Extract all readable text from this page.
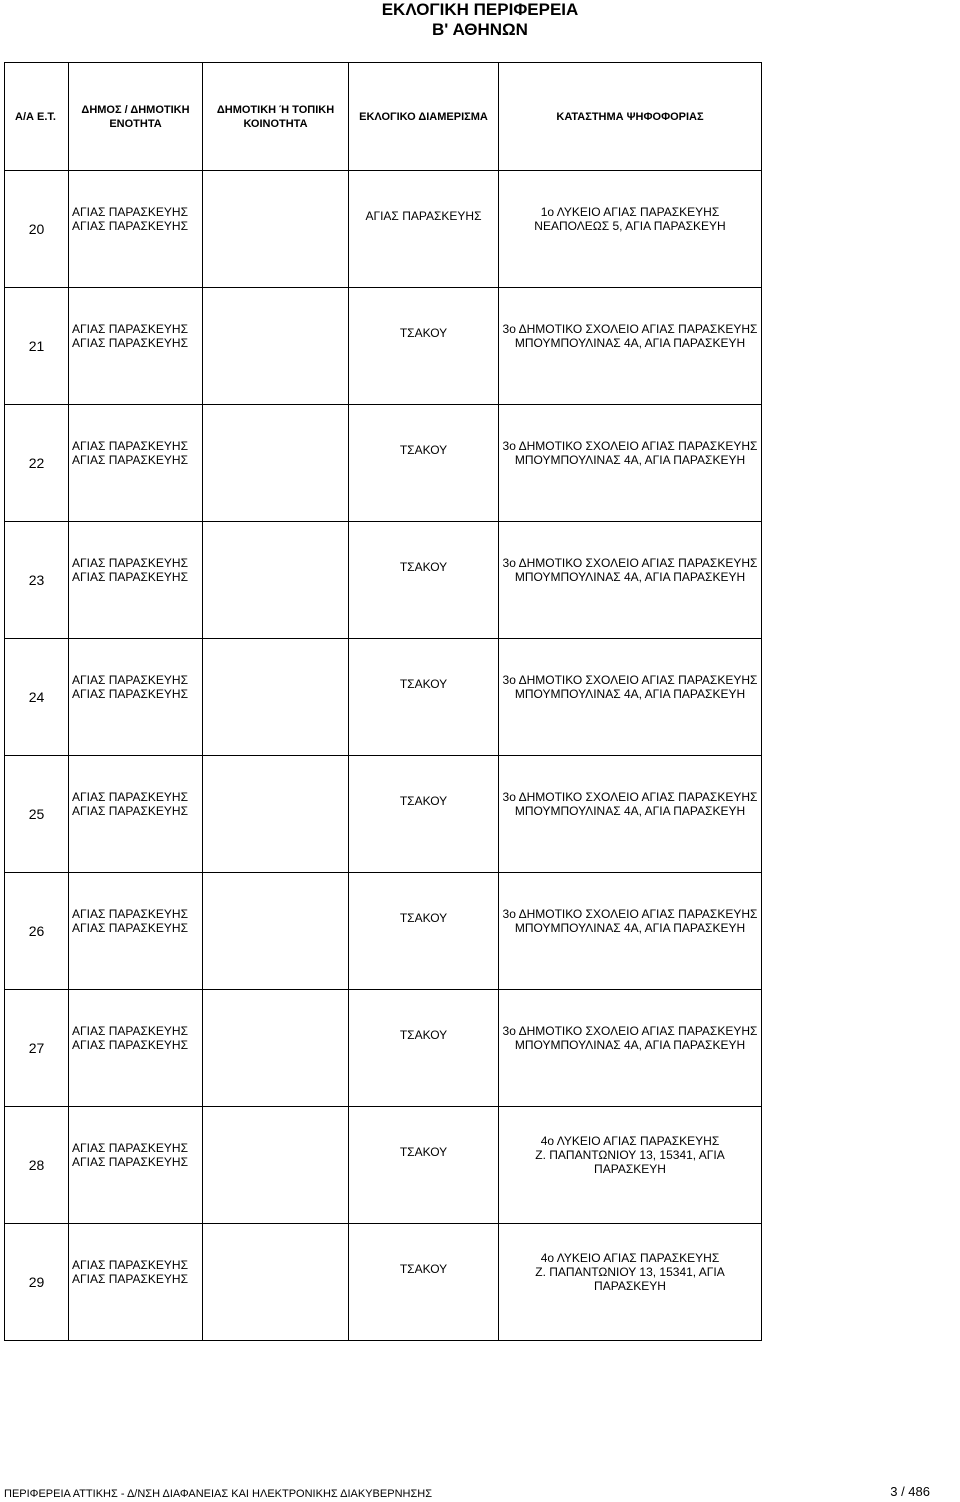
ΕΚΛΟΓΙΚΗ ΠΕΡΙΦΕΡΕΙΑ
Β' ΑΘΗΝΩΝ
Α/Α Ε.Τ.	ΔΗΜΟΣ / ΔΗΜΟΤΙΚΗ ΕΝΟΤΗΤΑ	ΔΗΜΟΤΙΚΗ Ή ΤΟΠΙΚΗ ΚΟΙΝΟΤΗΤΑ	ΕΚΛΟΓΙΚΟ ΔΙΑΜΕΡΙΣΜΑ	ΚΑΤΑΣΤΗΜΑ ΨΗΦΟΦΟΡΙΑΣ
20	ΑΓΙΑΣ ΠΑΡΑΣΚΕΥΗΣ
ΑΓΙΑΣ ΠΑΡΑΣΚΕΥΗΣ		ΑΓΙΑΣ ΠΑΡΑΣΚΕΥΗΣ	1ο ΛΥΚΕΙΟ ΑΓΙΑΣ ΠΑΡΑΣΚΕΥΗΣ
ΝΕΑΠΟΛΕΩΣ 5, ΑΓΙΑ ΠΑΡΑΣΚΕΥΗ

21	ΑΓΙΑΣ ΠΑΡΑΣΚΕΥΗΣ
ΑΓΙΑΣ ΠΑΡΑΣΚΕΥΗΣ		ΤΣΑΚΟΥ	3ο ΔΗΜΟΤΙΚΟ ΣΧΟΛΕΙΟ ΑΓΙΑΣ ΠΑΡΑΣΚΕΥΗΣ
ΜΠΟΥΜΠΟΥΛΙΝΑΣ 4Α, ΑΓΙΑ ΠΑΡΑΣΚΕΥΗ

22	ΑΓΙΑΣ ΠΑΡΑΣΚΕΥΗΣ
ΑΓΙΑΣ ΠΑΡΑΣΚΕΥΗΣ		ΤΣΑΚΟΥ	3ο ΔΗΜΟΤΙΚΟ ΣΧΟΛΕΙΟ ΑΓΙΑΣ ΠΑΡΑΣΚΕΥΗΣ
ΜΠΟΥΜΠΟΥΛΙΝΑΣ 4Α, ΑΓΙΑ ΠΑΡΑΣΚΕΥΗ

23	ΑΓΙΑΣ ΠΑΡΑΣΚΕΥΗΣ
ΑΓΙΑΣ ΠΑΡΑΣΚΕΥΗΣ		ΤΣΑΚΟΥ	3ο ΔΗΜΟΤΙΚΟ ΣΧΟΛΕΙΟ ΑΓΙΑΣ ΠΑΡΑΣΚΕΥΗΣ
ΜΠΟΥΜΠΟΥΛΙΝΑΣ 4Α, ΑΓΙΑ ΠΑΡΑΣΚΕΥΗ

24	ΑΓΙΑΣ ΠΑΡΑΣΚΕΥΗΣ
ΑΓΙΑΣ ΠΑΡΑΣΚΕΥΗΣ		ΤΣΑΚΟΥ	3ο ΔΗΜΟΤΙΚΟ ΣΧΟΛΕΙΟ ΑΓΙΑΣ ΠΑΡΑΣΚΕΥΗΣ
ΜΠΟΥΜΠΟΥΛΙΝΑΣ 4Α, ΑΓΙΑ ΠΑΡΑΣΚΕΥΗ

25	ΑΓΙΑΣ ΠΑΡΑΣΚΕΥΗΣ
ΑΓΙΑΣ ΠΑΡΑΣΚΕΥΗΣ		ΤΣΑΚΟΥ	3ο ΔΗΜΟΤΙΚΟ ΣΧΟΛΕΙΟ ΑΓΙΑΣ ΠΑΡΑΣΚΕΥΗΣ
ΜΠΟΥΜΠΟΥΛΙΝΑΣ 4Α, ΑΓΙΑ ΠΑΡΑΣΚΕΥΗ

26	ΑΓΙΑΣ ΠΑΡΑΣΚΕΥΗΣ
ΑΓΙΑΣ ΠΑΡΑΣΚΕΥΗΣ		ΤΣΑΚΟΥ	3ο ΔΗΜΟΤΙΚΟ ΣΧΟΛΕΙΟ ΑΓΙΑΣ ΠΑΡΑΣΚΕΥΗΣ
ΜΠΟΥΜΠΟΥΛΙΝΑΣ 4Α, ΑΓΙΑ ΠΑΡΑΣΚΕΥΗ

27	ΑΓΙΑΣ ΠΑΡΑΣΚΕΥΗΣ
ΑΓΙΑΣ ΠΑΡΑΣΚΕΥΗΣ		ΤΣΑΚΟΥ	3ο ΔΗΜΟΤΙΚΟ ΣΧΟΛΕΙΟ ΑΓΙΑΣ ΠΑΡΑΣΚΕΥΗΣ
ΜΠΟΥΜΠΟΥΛΙΝΑΣ 4Α, ΑΓΙΑ ΠΑΡΑΣΚΕΥΗ

28	ΑΓΙΑΣ ΠΑΡΑΣΚΕΥΗΣ
ΑΓΙΑΣ ΠΑΡΑΣΚΕΥΗΣ		ΤΣΑΚΟΥ	4ο ΛΥΚΕΙΟ ΑΓΙΑΣ ΠΑΡΑΣΚΕΥΗΣ
Ζ. ΠΑΠΑΝΤΩΝΙΟΥ 13, 15341, ΑΓΙΑ
ΠΑΡΑΣΚΕΥΗ

29	ΑΓΙΑΣ ΠΑΡΑΣΚΕΥΗΣ
ΑΓΙΑΣ ΠΑΡΑΣΚΕΥΗΣ		ΤΣΑΚΟΥ	4ο ΛΥΚΕΙΟ ΑΓΙΑΣ ΠΑΡΑΣΚΕΥΗΣ
Ζ. ΠΑΠΑΝΤΩΝΙΟΥ 13, 15341, ΑΓΙΑ
ΠΑΡΑΣΚΕΥΗ
ΠΕΡΙΦΕΡΕΙΑ ΑΤΤΙΚΗΣ - Δ/ΝΣΗ ΔΙΑΦΑΝΕΙΑΣ ΚΑΙ ΗΛΕΚΤΡΟΝΙΚΗΣ ΔΙΑΚΥΒΕΡΝΗΣΗΣ	3 / 486
